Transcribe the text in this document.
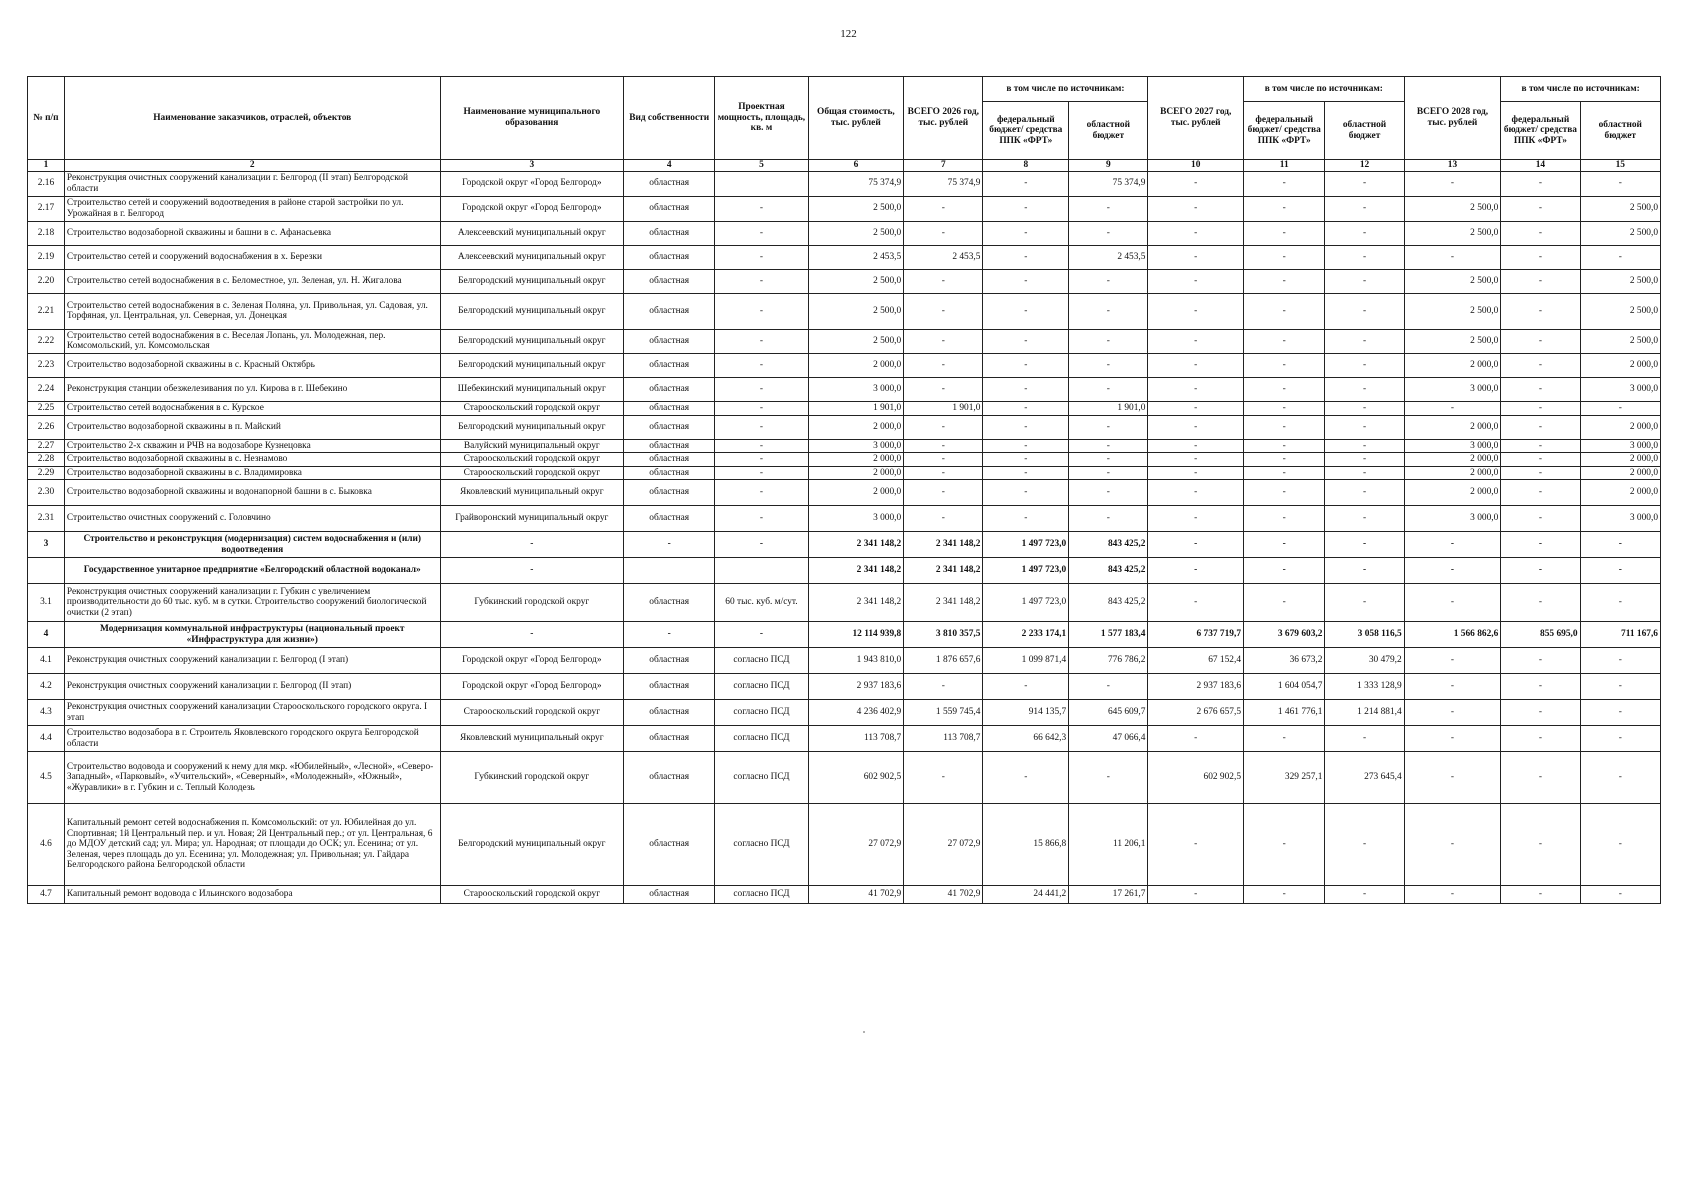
122
№ п/п	Наименование заказчиков, отраслей, объектов	Наименование муниципального образования	Вид собственности	Проектная мощность, площадь, кв. м	Общая стоимость, тыс. рублей	ВСЕГО 2026 год, тыс. рублей	в том числе по источникам:		ВСЕГО 2027 год, тыс. рублей	в том числе по источникам:		ВСЕГО 2028 год, тыс. рублей	в том числе по источникам:	
							федеральный бюджет/ средства ППК «ФРТ»	областной бюджет		федеральный бюджет/ средства ППК «ФРТ»	областной бюджет		федеральный бюджет/ средства ППК «ФРТ»	областной бюджет
1	2	3	4	5	6	7	8	9	10	11	12	13	14	15
2.16	Реконструкция очистных сооружений канализации г. Белгород (II этап) Белгородской области	Городской округ «Город Белгород»	областная		75 374,9	75 374,9	-	75 374,9	-	-	-	-	-	-
2.17	Строительство сетей и сооружений водоотведения в районе старой застройки по ул. Урожайная в г. Белгород	Городской округ «Город Белгород»	областная	-	2 500,0	-	-	-	-	-	-	2 500,0	-	2 500,0
2.18	Строительство водозаборной скважины и башни в с. Афанасьевка	Алексеевский муниципальный округ	областная	-	2 500,0	-	-	-	-	-	-	2 500,0	-	2 500,0
2.19	Строительство сетей и сооружений водоснабжения в х. Березки	Алексеевский муниципальный округ	областная	-	2 453,5	2 453,5	-	2 453,5	-	-	-	-	-	-
2.20	Строительство сетей водоснабжения в с. Беломестное, ул. Зеленая, ул. Н. Жигалова	Белгородский муниципальный округ	областная	-	2 500,0	-	-	-	-	-	-	2 500,0	-	2 500,0
2.21	Строительство сетей водоснабжения в с. Зеленая Поляна, ул. Привольная, ул. Садовая, ул. Торфяная, ул. Центральная, ул. Северная, ул. Донецкая	Белгородский муниципальный округ	областная	-	2 500,0	-	-	-	-	-	-	2 500,0	-	2 500,0
2.22	Строительство сетей водоснабжения в с. Веселая Лопань, ул. Молодежная, пер. Комсомольский, ул. Комсомольская	Белгородский муниципальный округ	областная	-	2 500,0	-	-	-	-	-	-	2 500,0	-	2 500,0
2.23	Строительство водозаборной скважины в с. Красный Октябрь	Белгородский муниципальный округ	областная	-	2 000,0	-	-	-	-	-	-	2 000,0	-	2 000,0
2.24	Реконструкция станции обезжелезивания по ул. Кирова в г. Шебекино	Шебекинский муниципальный округ	областная	-	3 000,0	-	-	-	-	-	-	3 000,0	-	3 000,0
2.25	Строительство сетей водоснабжения в с. Курское	Старооскольский городской округ	областная	-	1 901,0	1 901,0	-	1 901,0	-	-	-	-	-	-
2.26	Строительство водозаборной скважины в п. Майский	Белгородский муниципальный округ	областная	-	2 000,0	-	-	-	-	-	-	2 000,0	-	2 000,0
2.27	Строительство 2-х скважин и РЧВ на водозаборе Кузнецовка	Валуйский муниципальный округ	областная	-	3 000,0	-	-	-	-	-	-	3 000,0	-	3 000,0
2.28	Строительство водозаборной скважины в с. Незнамово	Старооскольский городской округ	областная	-	2 000,0	-	-	-	-	-	-	2 000,0	-	2 000,0
2.29	Строительство водозаборной скважины в с. Владимировка	Старооскольский городской округ	областная	-	2 000,0	-	-	-	-	-	-	2 000,0	-	2 000,0
2.30	Строительство водозаборной скважины и водонапорной башни в с. Быковка	Яковлевский муниципальный округ	областная	-	2 000,0	-	-	-	-	-	-	2 000,0	-	2 000,0
2.31	Строительство очистных сооружений с. Головчино	Грайворонский муниципальный округ	областная	-	3 000,0	-	-	-	-	-	-	3 000,0	-	3 000,0
3	Строительство и реконструкция (модернизация) систем водоснабжения и (или) водоотведения	-	-	-	2 341 148,2	2 341 148,2	1 497 723,0	843 425,2	-	-	-	-	-	-
	Государственное унитарное предприятие «Белгородский областной водоканал»	-			2 341 148,2	2 341 148,2	1 497 723,0	843 425,2	-	-	-	-	-	-
3.1	Реконструкция очистных сооружений канализации г. Губкин с увеличением производительности до 60 тыс. куб. м в сутки. Строительство сооружений биологической очистки (2 этап)	Губкинский городской округ	областная	60 тыс. куб. м/сут.	2 341 148,2	2 341 148,2	1 497 723,0	843 425,2	-	-	-	-	-	-
4	Модернизация коммунальной инфраструктуры (национальный проект «Инфраструктура для жизни»)	-	-	-	12 114 939,8	3 810 357,5	2 233 174,1	1 577 183,4	6 737 719,7	3 679 603,2	3 058 116,5	1 566 862,6	855 695,0	711 167,6
4.1	Реконструкция очистных сооружений канализации г. Белгород (I этап)	Городской округ «Город Белгород»	областная	согласно ПСД	1 943 810,0	1 876 657,6	1 099 871,4	776 786,2	67 152,4	36 673,2	30 479,2	-	-	-
4.2	Реконструкция очистных сооружений канализации г. Белгород (II этап)	Городской округ «Город Белгород»	областная	согласно ПСД	2 937 183,6	-	-	-	2 937 183,6	1 604 054,7	1 333 128,9	-	-	-
4.3	Реконструкция очистных сооружений канализации Старооскольского городского округа. I этап	Старооскольский городской округ	областная	согласно ПСД	4 236 402,9	1 559 745,4	914 135,7	645 609,7	2 676 657,5	1 461 776,1	1 214 881,4	-	-	-
4.4	Строительство водозабора в г. Строитель Яковлевского городского округа Белгородской области	Яковлевский муниципальный округ	областная	согласно ПСД	113 708,7	113 708,7	66 642,3	47 066,4	-	-	-	-	-	-
4.5	Строительство водовода и сооружений к нему для мкр. «Юбилейный», «Лесной», «Северо-Западный», «Парковый», «Учительский», «Северный», «Молодежный», «Южный», «Журавлики» в г. Губкин и с. Теплый Колодезь	Губкинский городской округ	областная	согласно ПСД	602 902,5	-	-	-	602 902,5	329 257,1	273 645,4	-	-	-
4.6	Капитальный ремонт сетей водоснабжения п. Комсомольский: от ул. Юбилейная до ул. Спортивная; 1й Центральный пер. и ул. Новая; 2й Центральный пер.; от ул. Центральная, 6 до МДОУ детский сад; ул. Мира; ул. Народная; от площади до ОСК; ул. Есенина; от ул. Зеленая, через площадь до ул. Есенина; ул. Молодежная; ул. Привольная; ул. Гайдара Белгородского района Белгородской области	Белгородский муниципальный округ	областная	согласно ПСД	27 072,9	27 072,9	15 866,8	11 206,1	-	-	-	-	-	-
4.7	Капитальный ремонт водовода с Ильинского водозабора	Старооскольский городской округ	областная	согласно ПСД	41 702,9	41 702,9	24 441,2	17 261,7	-	-	-	-	-	-
